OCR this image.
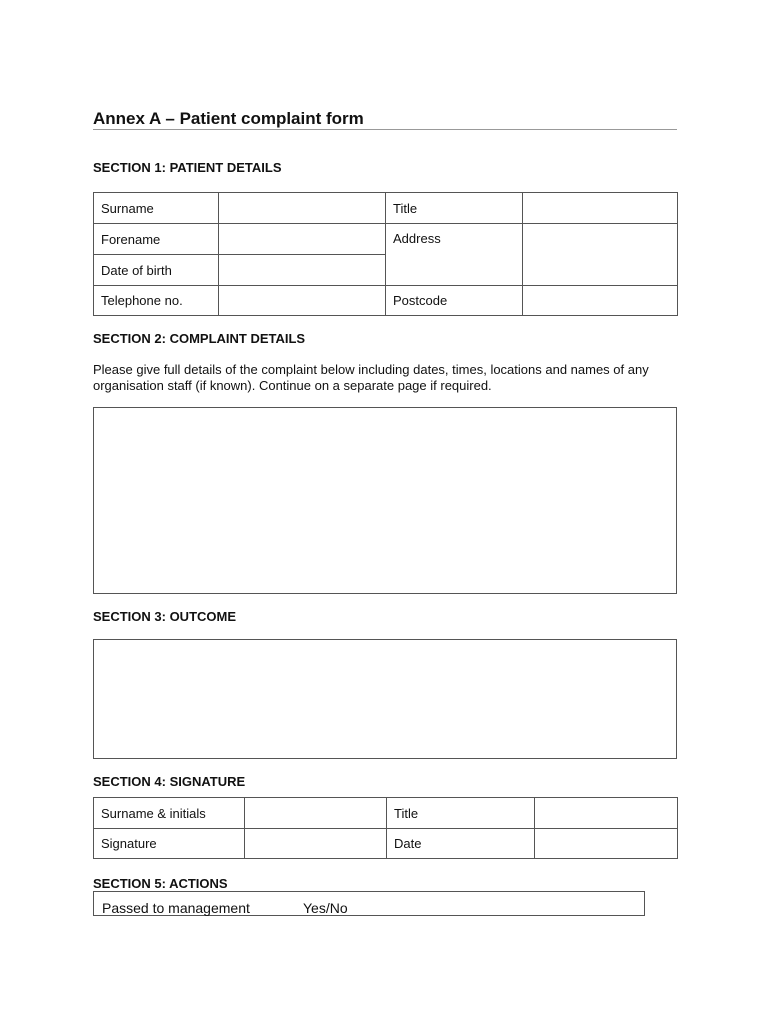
Annex A – Patient complaint form
SECTION 1: PATIENT DETAILS
Surname		Title	
Forename		Address	
Date of birth			
Telephone no.		Postcode	
SECTION 2: COMPLAINT DETAILS
Please give full details of the complaint below including dates, times, locations and names of any organisation staff (if known). Continue on a separate page if required.
SECTION 3: OUTCOME
SECTION 4: SIGNATURE
Surname & initials		Title	
Signature		Date	
SECTION 5: ACTIONS
Passed to management	Yes/No
